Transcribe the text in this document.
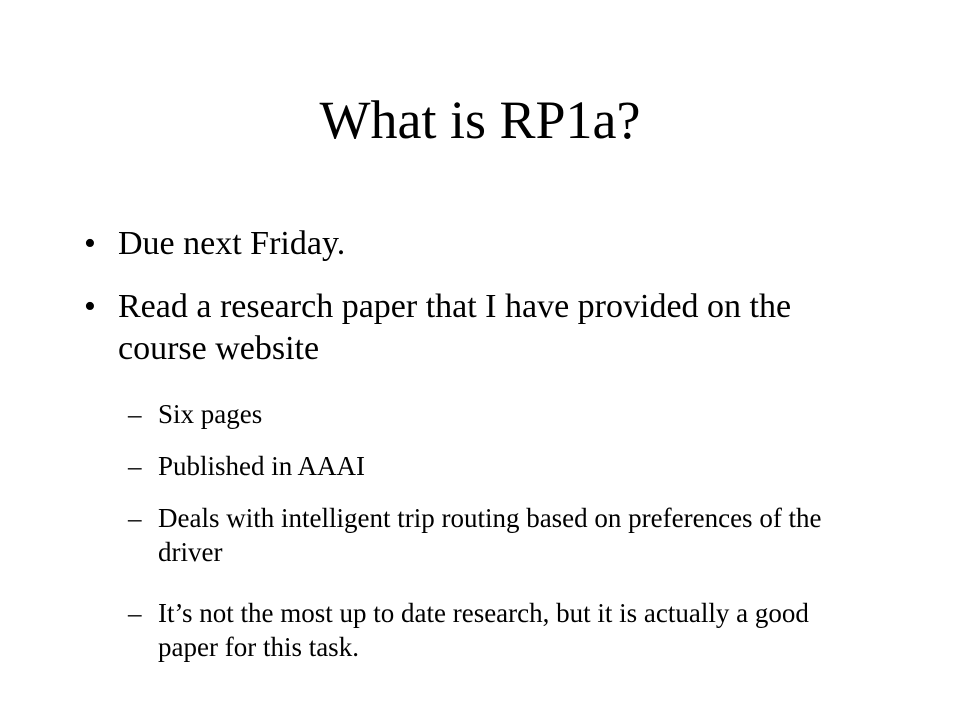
What is RP1a?
• Due next Friday.
• Read a research paper that I have provided on the course website
– Six pages
– Published in AAAI
– Deals with intelligent trip routing based on preferences of the driver
– It’s not the most up to date research, but it is actually a good paper for this task.
